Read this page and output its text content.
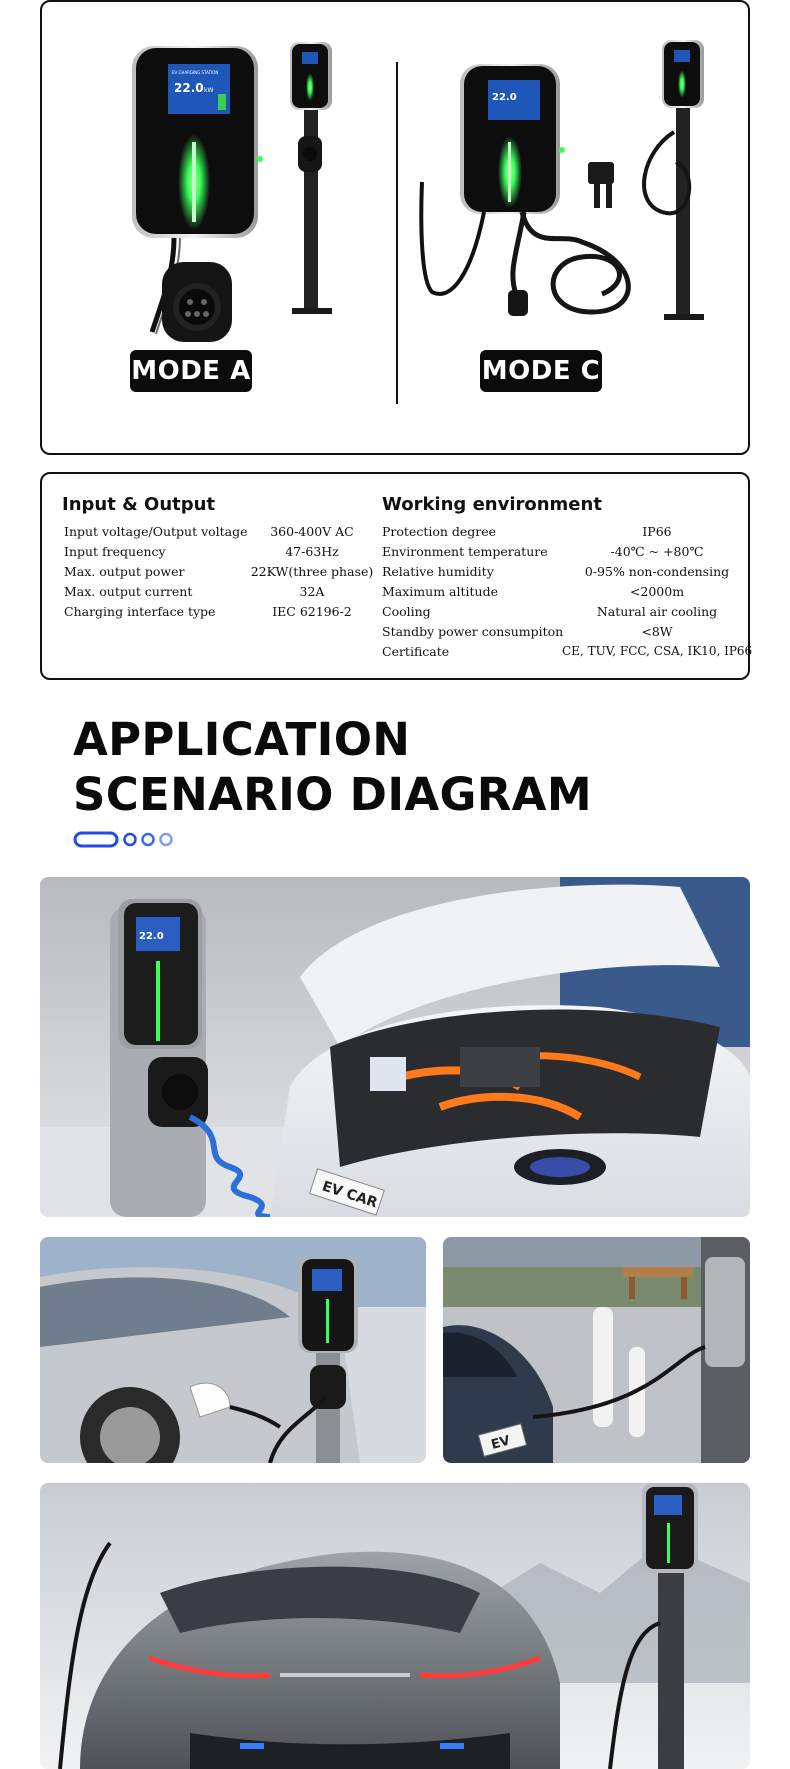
EV CHARGING STATION
22.0 kW
22.0
MODE A	MODE C
Input & Output	Working environment
Input voltage/Output voltage	360-400V AC
Input frequency	47-63Hz
Max. output power	22KW(three phase)
Max. output current	32A
Charging interface type	IEC 62196-2
Protection degree	IP66
Environment temperature	-40℃ ~ +80℃
Relative humidity	0-95% non-condensing
Maximum altitude	<2000m
Cooling	Natural air cooling
Standby power consumpiton	<8W
Certificate	CE, TUV, FCC, CSA, IK10, IP66
APPLICATION
SCENARIO DIAGRAM
22.0
EV CAR
EV
